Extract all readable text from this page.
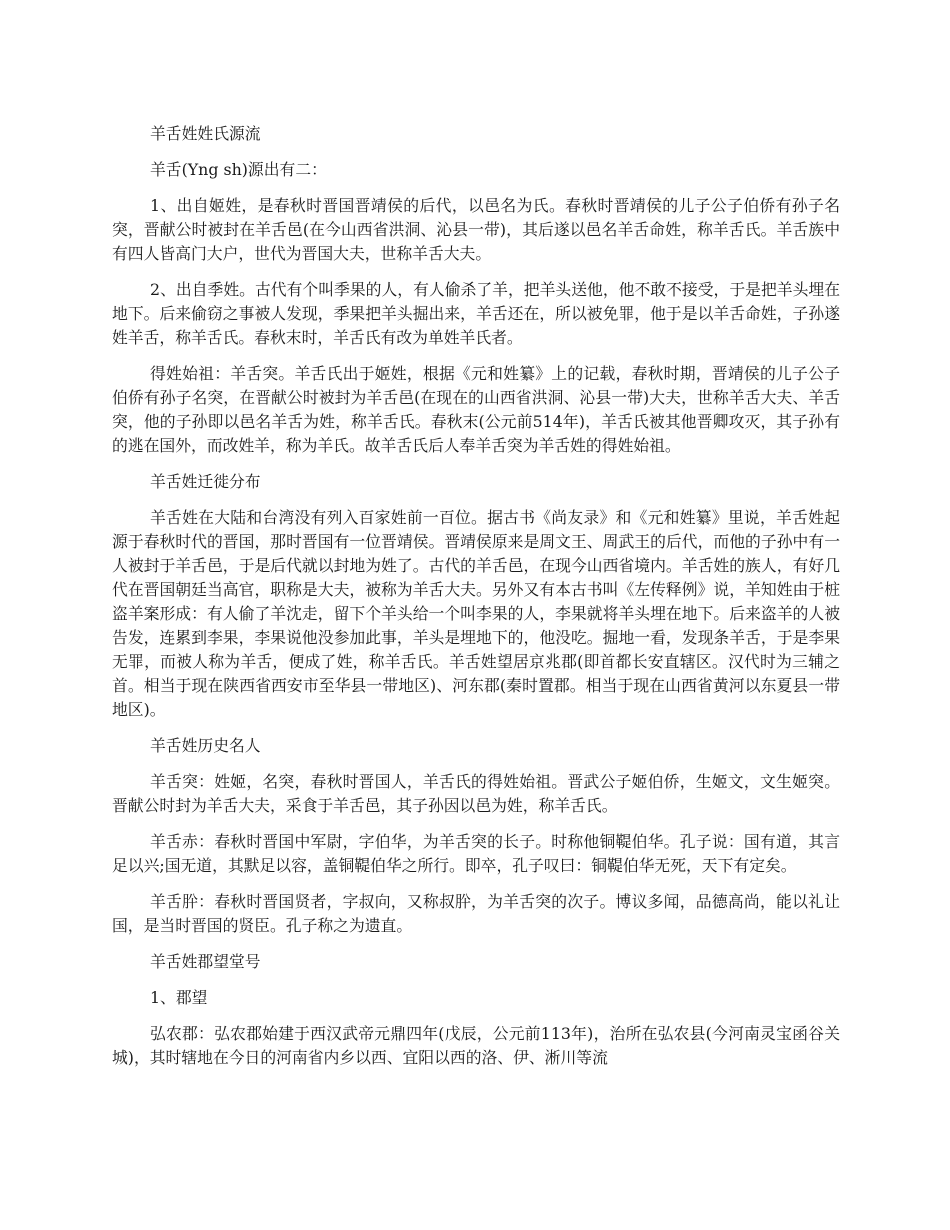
羊舌姓姓氏源流

羊舌(Yng sh)源出有二：

1、出自姬姓，是春秋时晋国晋靖侯的后代，以邑名为氏。春秋时晋靖侯的儿子公子伯侨有孙子名突，晋献公时被封在羊舌邑(在今山西省洪洞、沁县一带)，其后遂以邑名羊舌命姓，称羊舌氏。羊舌族中有四人皆高门大户，世代为晋国大夫，世称羊舌大夫。

2、出自季姓。古代有个叫季果的人，有人偷杀了羊，把羊头送他，他不敢不接受，于是把羊头埋在地下。后来偷窃之事被人发现，季果把羊头掘出来，羊舌还在，所以被免罪，他于是以羊舌命姓，子孙遂姓羊舌，称羊舌氏。春秋末时，羊舌氏有改为单姓羊氏者。

得姓始祖：羊舌突。羊舌氏出于姬姓，根据《元和姓纂》上的记载，春秋时期，晋靖侯的儿子公子伯侨有孙子名突，在晋献公时被封为羊舌邑(在现在的山西省洪洞、沁县一带)大夫，世称羊舌大夫、羊舌突，他的子孙即以邑名羊舌为姓，称羊舌氏。春秋末(公元前514年)，羊舌氏被其他晋卿攻灭，其子孙有的逃在国外，而改姓羊，称为羊氏。故羊舌氏后人奉羊舌突为羊舌姓的得姓始祖。

羊舌姓迁徙分布

羊舌姓在大陆和台湾没有列入百家姓前一百位。据古书《尚友录》和《元和姓纂》里说，羊舌姓起源于春秋时代的晋国，那时晋国有一位晋靖侯。晋靖侯原来是周文王、周武王的后代，而他的子孙中有一人被封于羊舌邑，于是后代就以封地为姓了。古代的羊舌邑，在现今山西省境内。羊舌姓的族人，有好几代在晋国朝廷当高官，职称是大夫，被称为羊舌大夫。另外又有本古书叫《左传释例》说，羊知姓由于桩盗羊案形成：有人偷了羊沈走，留下个羊头给一个叫李果的人，李果就将羊头埋在地下。后来盗羊的人被告发，连累到李果，李果说他没参加此事，羊头是埋地下的，他没吃。掘地一看，发现条羊舌，于是李果无罪，而被人称为羊舌，便成了姓，称羊舌氏。羊舌姓望居京兆郡(即首都长安直辖区。汉代时为三辅之首。相当于现在陕西省西安市至华县一带地区)、河东郡(秦时置郡。相当于现在山西省黄河以东夏县一带地区)。

羊舌姓历史名人

羊舌突：姓姬，名突，春秋时晋国人，羊舌氏的得姓始祖。晋武公子姬伯侨，生姬文，文生姬突。晋献公时封为羊舌大夫，采食于羊舌邑，其子孙因以邑为姓，称羊舌氏。

羊舌赤：春秋时晋国中军尉，字伯华，为羊舌突的长子。时称他铜鞮伯华。孔子说：国有道，其言足以兴;国无道，其默足以容，盖铜鞮伯华之所行。即卒，孔子叹曰：铜鞮伯华无死，天下有定矣。

羊舌肸：春秋时晋国贤者，字叔向，又称叔肸，为羊舌突的次子。博议多闻，品德高尚，能以礼让国，是当时晋国的贤臣。孔子称之为遗直。

羊舌姓郡望堂号

1、郡望

弘农郡：弘农郡始建于西汉武帝元鼎四年(戊辰，公元前113年)，治所在弘农县(今河南灵宝函谷关城)，其时辖地在今日的河南省内乡以西、宜阳以西的洛、伊、淅川等流
